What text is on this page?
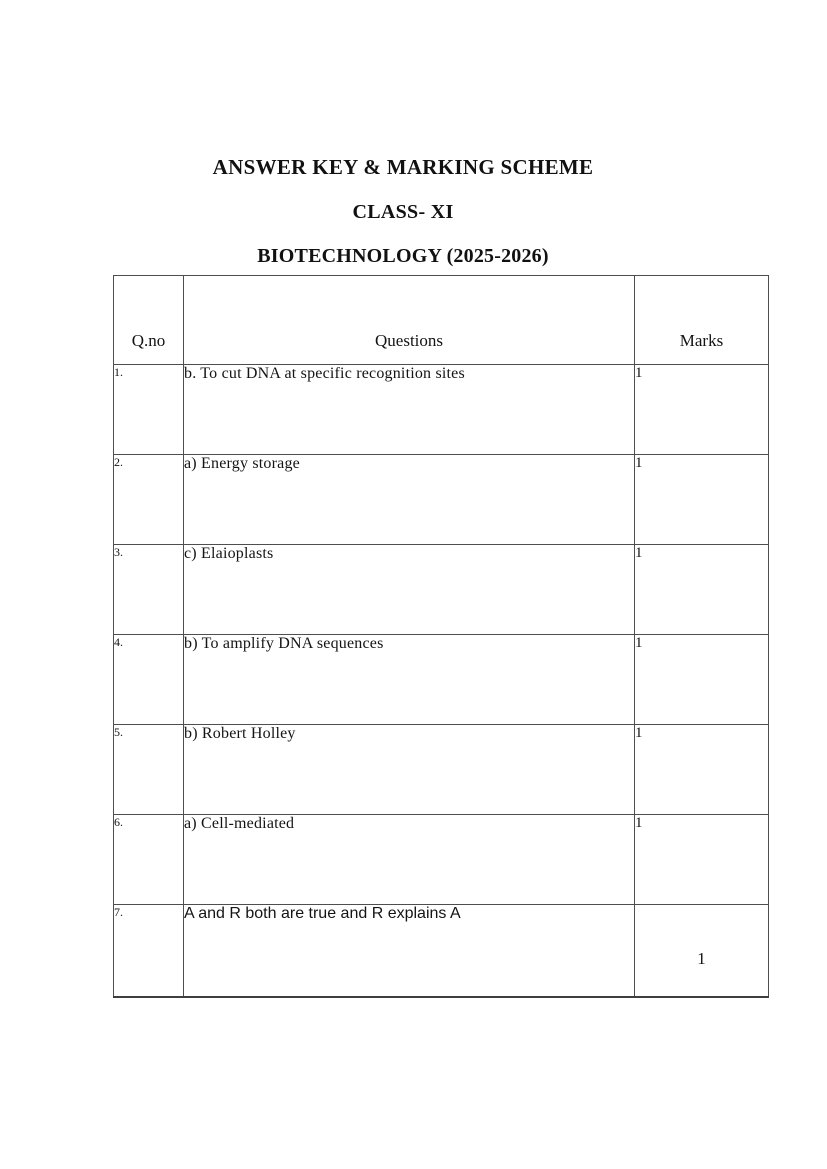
ANSWER KEY & MARKING SCHEME
CLASS- XI
BIOTECHNOLOGY (2025-2026)
Q.no	Questions	Marks
1.	b. To cut DNA at specific recognition sites	1
2.	a) Energy storage	1
3.	c) Elaioplasts	1
4.	b) To amplify DNA sequences	1
5.	b) Robert Holley	1
6.	a) Cell-mediated	1
7.	A and R both are true and R explains A	1
